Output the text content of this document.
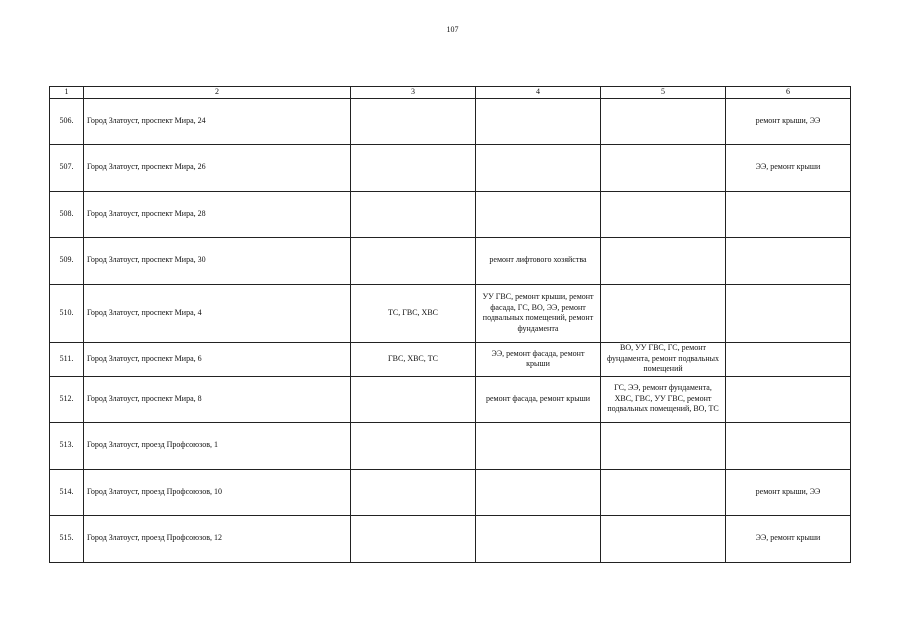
107
1	2	3	4	5	6
506.	Город Златоуст, проспект Мира, 24				ремонт крыши, ЭЭ
507.	Город Златоуст, проспект Мира, 26				ЭЭ, ремонт крыши
508.	Город Златоуст, проспект Мира, 28				
509.	Город Златоуст, проспект Мира, 30		ремонт лифтового хозяйства		
510.	Город Златоуст, проспект Мира, 4	ТС, ГВС, ХВС	УУ ГВС, ремонт крыши, ремонт фасада, ГС, ВО, ЭЭ, ремонт подвальных помещений, ремонт фундамента		
511.	Город Златоуст, проспект Мира, 6	ГВС, ХВС, ТС	ЭЭ, ремонт фасада, ремонт крыши	ВО, УУ ГВС, ГС, ремонт фундамента, ремонт подвальных помещений	
512.	Город Златоуст, проспект Мира, 8		ремонт фасада, ремонт крыши	ГС, ЭЭ, ремонт фундамента, ХВС, ГВС, УУ ГВС, ремонт подвальных помещений, ВО, ТС	
513.	Город Златоуст, проезд Профсоюзов, 1				
514.	Город Златоуст, проезд Профсоюзов, 10				ремонт крыши, ЭЭ
515.	Город Златоуст, проезд Профсоюзов, 12				ЭЭ, ремонт крыши
